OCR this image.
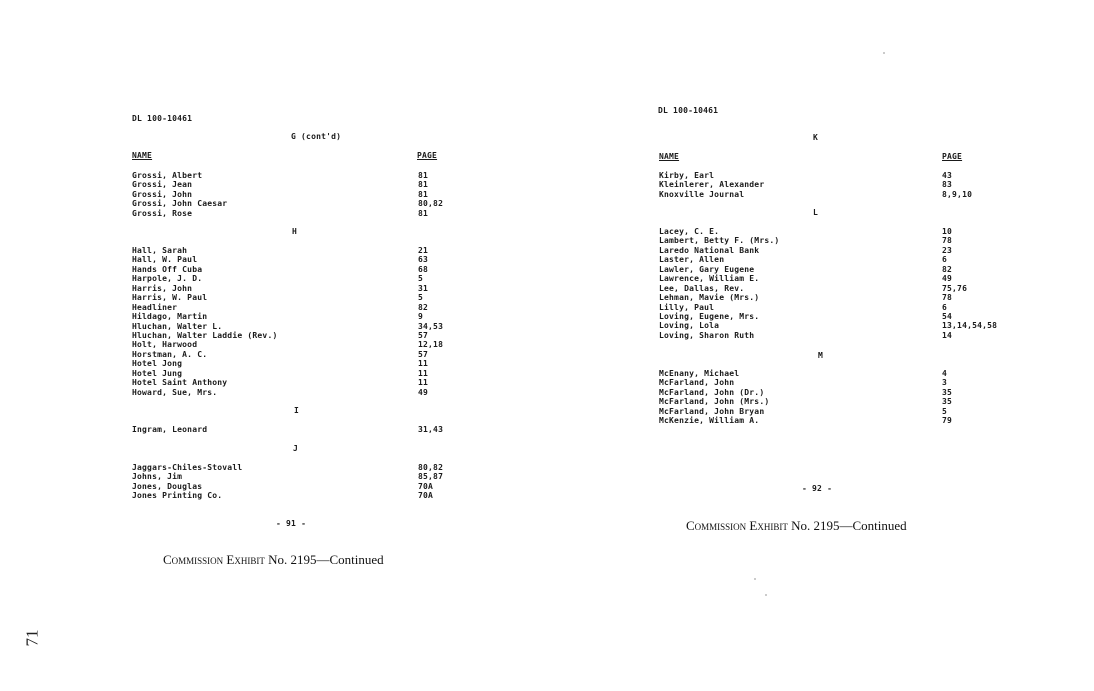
DL 100-10461
G (cont'd)
NAME	PAGE
Grossi, Albert	81
Grossi, Jean	81
Grossi, John	81
Grossi, John Caesar	80,82
Grossi, Rose	81
H
Hall, Sarah	21
Hall, W. Paul	63
Hands Off Cuba	68
Harpole, J. D.	5
Harris, John	31
Harris, W. Paul	5
Headliner	82
Hildago, Martin	9
Hluchan, Walter L.	34,53
Hluchan, Walter Laddie (Rev.)	57
Holt, Harwood	12,18
Horstman, A. C.	57
Hotel Jong	11
Hotel Jung	11
Hotel Saint Anthony	11
Howard, Sue, Mrs.	49
I
Ingram, Leonard	31,43
J
Jaggars-Chiles-Stovall	80,82
Johns, Jim	85,87
Jones, Douglas	70A
Jones Printing Co.	70A
- 91 -
Commission Exhibit No. 2195—Continued
DL 100-10461
K
NAME	PAGE
Kirby, Earl	43
Kleinlerer, Alexander	83
Knoxville Journal	8,9,10
L
Lacey, C. E.	10
Lambert, Betty F. (Mrs.)	78
Laredo National Bank	23
Laster, Allen	6
Lawler, Gary Eugene	82
Lawrence, William E.	49
Lee, Dallas, Rev.	75,76
Lehman, Mavie (Mrs.)	78
Lilly, Paul	6
Loving, Eugene, Mrs.	54
Loving, Lola	13,14,54,58
Loving, Sharon Ruth	14
M
McEnany, Michael	4
McFarland, John	3
McFarland, John (Dr.)	35
McFarland, John (Mrs.)	35
McFarland, John Bryan	5
McKenzie, William A.	79
- 92 -
Commission Exhibit No. 2195—Continued
71
